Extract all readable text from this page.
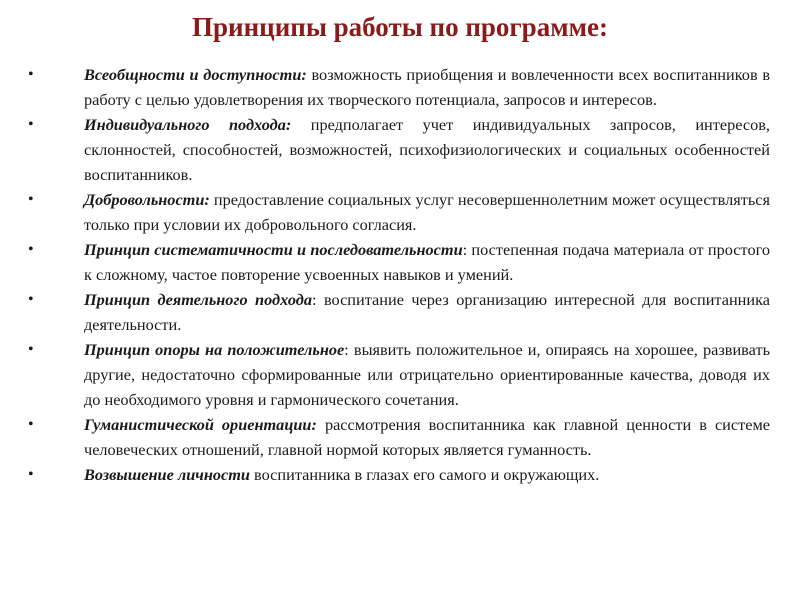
Принципы работы по программе:
•	Всеобщности и доступности: возможность приобщения и вовлеченности всех воспитанников в работу с целью удовлетворения их творческого потенциала, запросов и интересов.
•	Индивидуального подхода: предполагает учет индивидуальных запросов, интересов, склонностей, способностей, возможностей, психофизиологических и социальных особенностей воспитанников.
•	Добровольности: предоставление социальных услуг несовершеннолетним может осуществляться только при условии их добровольного согласия.
•	Принцип систематичности и последовательности: постепенная подача материала от простого к сложному, частое повторение усвоенных навыков и умений.
•	Принцип деятельного подхода: воспитание через организацию интересной для воспитанника деятельности.
•	Принцип опоры на положительное: выявить положительное и, опираясь на хорошее, развивать другие, недостаточно сформированные или отрицательно ориентированные качества, доводя их до необходимого уровня и гармонического сочетания.
•	Гуманистической ориентации: рассмотрения воспитанника как главной ценности в системе человеческих отношений, главной нормой которых является гуманность.
•	Возвышение личности воспитанника в глазах его самого и окружающих.
